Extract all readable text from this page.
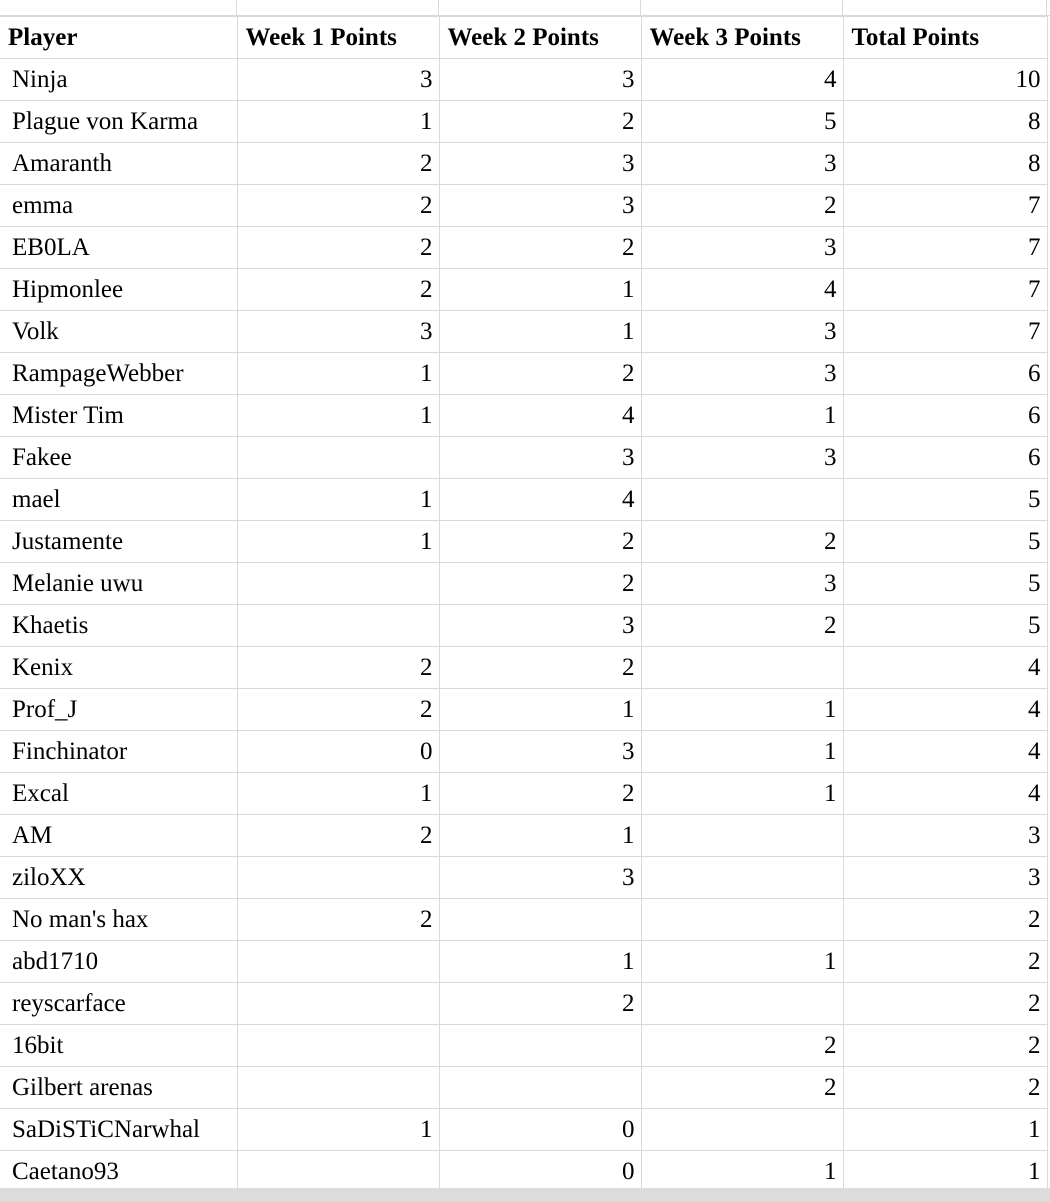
Player	Week 1 Points	Week 2 Points	Week 3 Points	Total Points
Ninja	3	3	4	10
Plague von Karma	1	2	5	8
Amaranth	2	3	3	8
emma	2	3	2	7
EB0LA	2	2	3	7
Hipmonlee	2	1	4	7
Volk	3	1	3	7
RampageWebber	1	2	3	6
Mister Tim	1	4	1	6
Fakee		3	3	6
mael	1	4		5
Justamente	1	2	2	5
Melanie uwu		2	3	5
Khaetis		3	2	5
Kenix	2	2		4
Prof_J	2	1	1	4
Finchinator	0	3	1	4
Excal	1	2	1	4
AM	2	1		3
ziloXX		3		3
No man's hax	2			2
abd1710		1	1	2
reyscarface		2		2
16bit			2	2
Gilbert arenas			2	2
SaDiSTiCNarwhal	1	0		1
Caetano93		0	1	1
